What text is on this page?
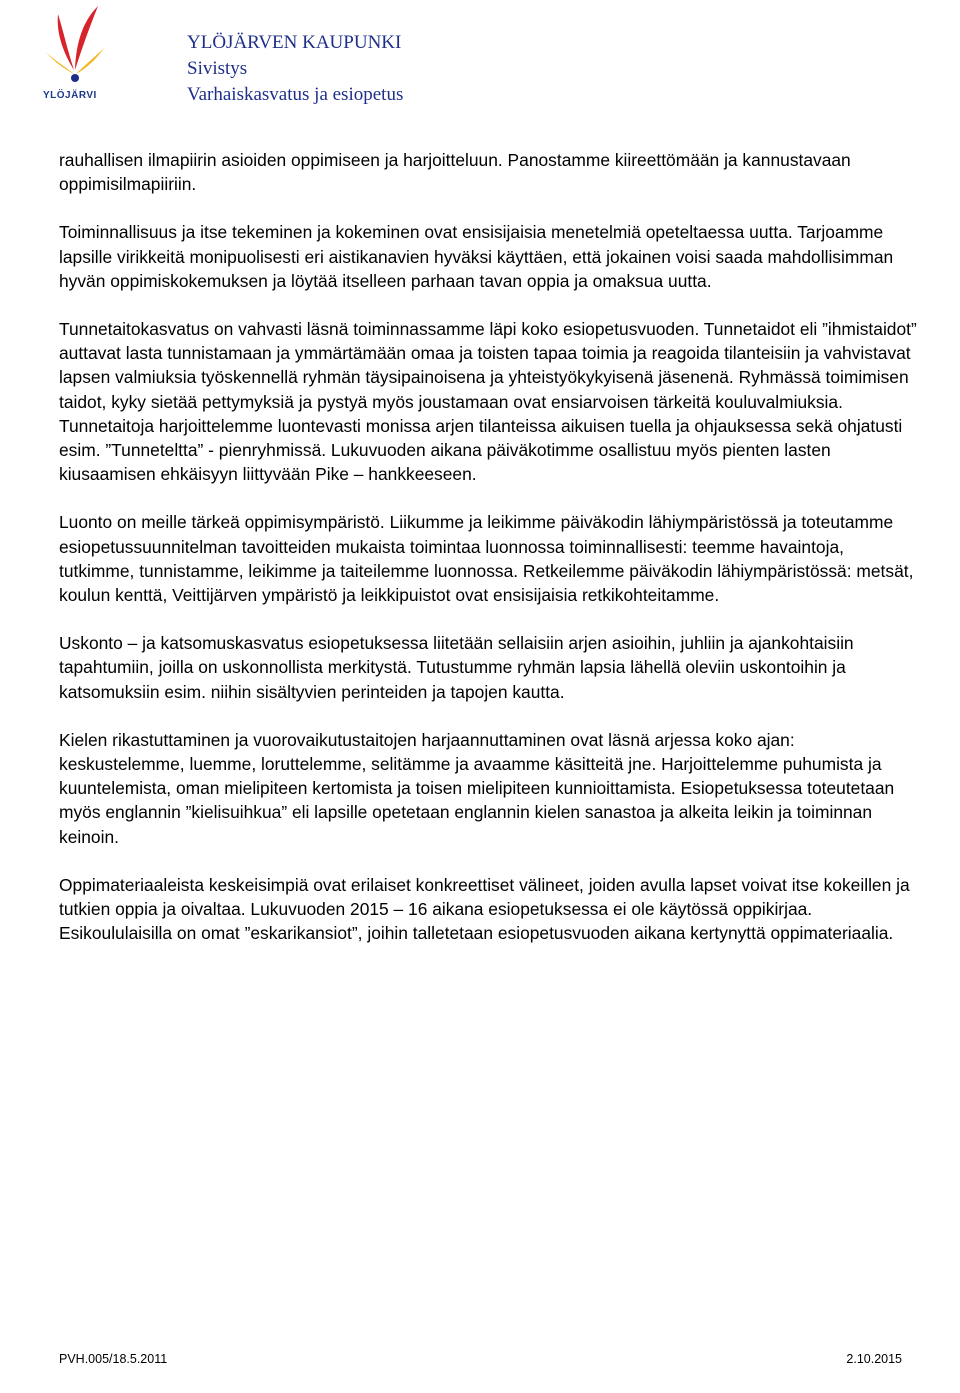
YLÖJÄRVI
YLÖJÄRVEN KAUPUNKI
Sivistys
Varhaiskasvatus ja esiopetus

rauhallisen ilmapiirin asioiden oppimiseen ja harjoitteluun. Panostamme kiireettömään ja kannustavaan oppimisilmapiiriin.

Toiminnallisuus ja itse tekeminen ja kokeminen ovat ensisijaisia menetelmiä opeteltaessa uutta. Tarjoamme lapsille virikkeitä monipuolisesti eri aistikanavien hyväksi käyttäen, että jokainen voisi saada mahdollisimman hyvän oppimiskokemuksen ja löytää itselleen parhaan tavan oppia ja omaksua uutta.

Tunnetaitokasvatus on vahvasti läsnä toiminnassamme läpi koko esiopetusvuoden. Tunnetaidot eli ”ihmistaidot” auttavat lasta tunnistamaan ja ymmärtämään omaa ja toisten tapaa toimia ja reagoida tilanteisiin ja vahvistavat lapsen valmiuksia työskennellä ryhmän täysipainoisena ja yhteistyökykyisenä jäsenenä. Ryhmässä toimimisen taidot, kyky sietää pettymyksiä ja pystyä myös joustamaan ovat ensiarvoisen tärkeitä kouluvalmiuksia. Tunnetaitoja harjoittelemme luontevasti monissa arjen tilanteissa aikuisen tuella ja ohjauksessa sekä ohjatusti esim. ”Tunneteltta” - pienryhmissä. Lukuvuoden aikana päiväkotimme osallistuu myös pienten lasten kiusaamisen ehkäisyyn liittyvään Pike – hankkeeseen.

Luonto on meille tärkeä oppimisympäristö. Liikumme ja leikimme päiväkodin lähiympäristössä ja toteutamme esiopetussuunnitelman tavoitteiden mukaista toimintaa luonnossa toiminnallisesti: teemme havaintoja, tutkimme, tunnistamme, leikimme ja taiteilemme luonnossa. Retkeilemme päiväkodin lähiympäristössä: metsät, koulun kenttä, Veittijärven ympäristö ja leikkipuistot ovat ensisijaisia retkikohteitamme.

Uskonto – ja katsomuskasvatus esiopetuksessa liitetään sellaisiin arjen asioihin, juhliin ja ajankohtaisiin tapahtumiin, joilla on uskonnollista merkitystä. Tutustumme ryhmän lapsia lähellä oleviin uskontoihin ja katsomuksiin esim. niihin sisältyvien perinteiden ja tapojen kautta.

Kielen rikastuttaminen ja vuorovaikutustaitojen harjaannuttaminen ovat läsnä arjessa koko ajan: keskustelemme, luemme, loruttelemme, selitämme ja avaamme käsitteitä jne. Harjoittelemme puhumista ja kuuntelemista, oman mielipiteen kertomista ja toisen mielipiteen kunnioittamista. Esiopetuksessa toteutetaan myös englannin ”kielisuihkua” eli lapsille opetetaan englannin kielen sanastoa ja alkeita leikin ja toiminnan keinoin.

Oppimateriaaleista keskeisimpiä ovat erilaiset konkreettiset välineet, joiden avulla lapset voivat itse kokeillen ja tutkien oppia ja oivaltaa. Lukuvuoden 2015 – 16 aikana esiopetuksessa ei ole käytössä oppikirjaa. Esikoululaisilla on omat ”eskarikansiot”, joihin talletetaan esiopetusvuoden aikana kertynyttä oppimateriaalia.

PVH.005/18.5.2011	2.10.2015
